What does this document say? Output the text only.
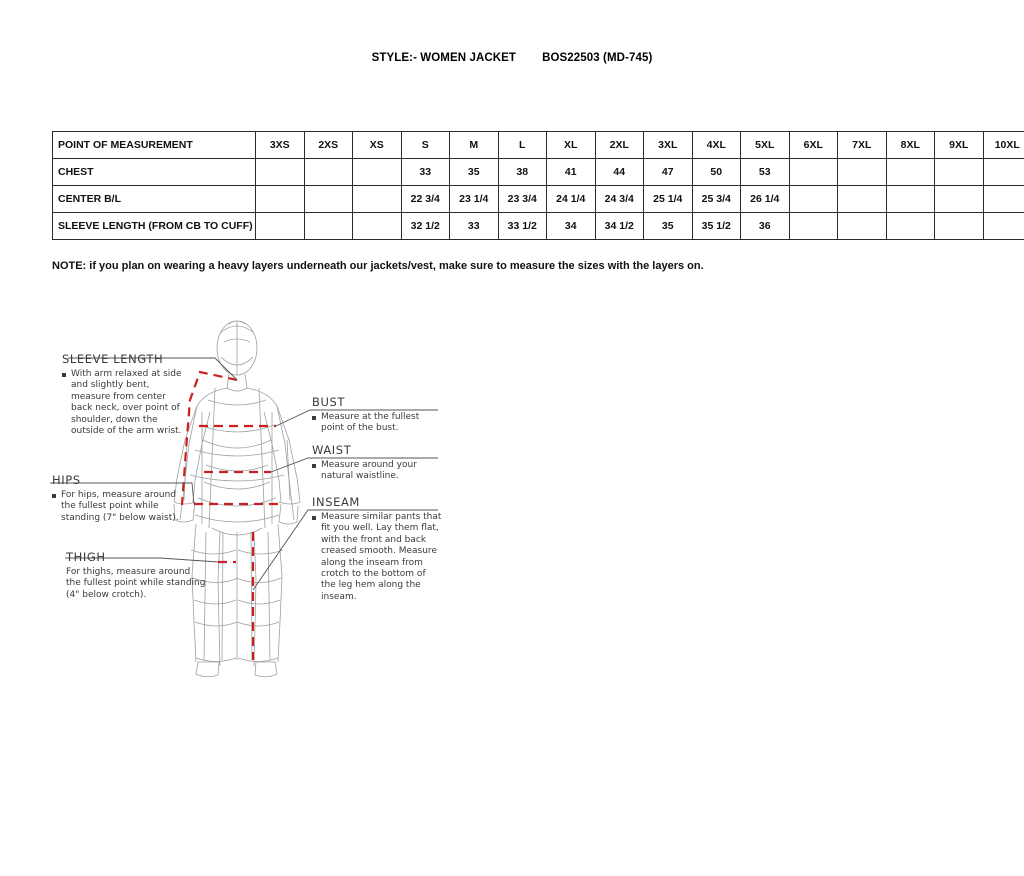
STYLE:- WOMEN JACKET BOS22503 (MD-745)
POINT OF MEASUREMENT	3XS	2XS	XS	S	M	L	XL	2XL	3XL	4XL	5XL	6XL	7XL	8XL	9XL	10XL
CHEST				33	35	38	41	44	47	50	53					
CENTER B/L				22 3/4	23 1/4	23 3/4	24 1/4	24 3/4	25 1/4	25 3/4	26 1/4					
SLEEVE LENGTH (FROM CB TO CUFF)				32 1/2	33	33 1/2	34	34 1/2	35	35 1/2	36					
NOTE: if you plan on wearing a heavy layers underneath our jackets/vest, make sure to measure the sizes with the layers on.
SLEEVE LENGTH
With arm relaxed at side and slightly bent, measure from center back neck, over point of shoulder, down the outside of the arm wrist.
HIPS
For hips, measure around the fullest point while standing (7" below waist).
THIGH
For thighs, measure around the fullest point while standing (4" below crotch).
BUST
Measure at the fullest point of the bust.
WAIST
Measure around your natural waistline.
INSEAM
Measure similar pants that fit you well. Lay them flat, with the front and back creased smooth. Measure along the inseam from crotch to the bottom of the leg hem along the inseam.
